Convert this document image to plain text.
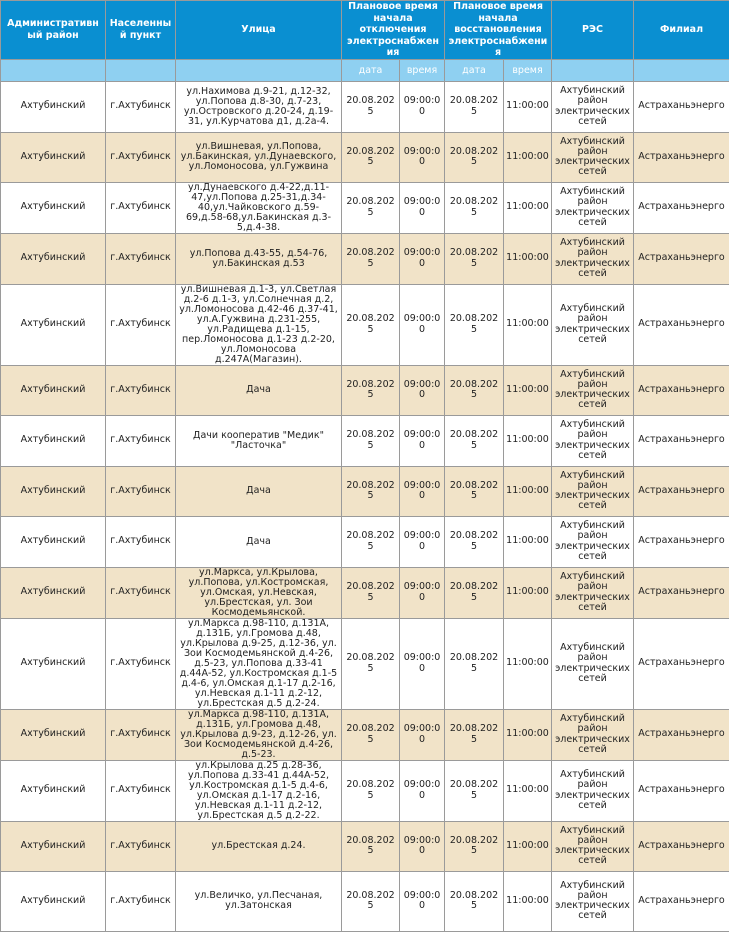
Административный район	Населенный пункт	Улица	Плановое время начала отключения электроснабжения		Плановое время начала восстановления электроснабжения		РЭС	Филиал
			дата	время	дата	время		
Ахтубинский	г.Ахтубинск	ул.Нахимова д.9-21, д.12-32, ул.Попова д.8-30, д.7-23, ул.Островского д.20-24, д.19-31, ул.Курчатова д1, д.2а-4.	20.08.2025	09:00:00	20.08.2025	11:00:00	Ахтубинский район электрических сетей	Астраханьэнерго
Ахтубинский	г.Ахтубинск	ул.Вишневая, ул.Попова, ул.Бакинская, ул.Дунаевского, ул.Ломоносова, ул.Гужвина	20.08.2025	09:00:00	20.08.2025	11:00:00	Ахтубинский район электрических сетей	Астраханьэнерго
Ахтубинский	г.Ахтубинск	ул.Дунаевского д.4-22,д.11-47,ул.Попова д.25-31,д.34-40,ул.Чайковского д.59-69,д.58-68,ул.Бакинская д.3-5,д.4-38.	20.08.2025	09:00:00	20.08.2025	11:00:00	Ахтубинский район электрических сетей	Астраханьэнерго
Ахтубинский	г.Ахтубинск	ул.Попова д.43-55, д.54-76, ул.Бакинская д.53	20.08.2025	09:00:00	20.08.2025	11:00:00	Ахтубинский район электрических сетей	Астраханьэнерго
Ахтубинский	г.Ахтубинск	ул.Вишневая д.1-3, ул.Светлая д.2-6 д.1-3, ул.Солнечная д.2, ул.Ломоносова д.42-46 д.37-41, ул.А.Гужвина д.231-255, ул.Радищева д.1-15, пер.Ломоносова д.1-23 д.2-20, ул.Ломоносова д.247А(Магазин).	20.08.2025	09:00:00	20.08.2025	11:00:00	Ахтубинский район электрических сетей	Астраханьэнерго
Ахтубинский	г.Ахтубинск	Дача	20.08.2025	09:00:00	20.08.2025	11:00:00	Ахтубинский район электрических сетей	Астраханьэнерго
Ахтубинский	г.Ахтубинск	Дачи кооператив "Медик" "Ласточка"	20.08.2025	09:00:00	20.08.2025	11:00:00	Ахтубинский район электрических сетей	Астраханьэнерго
Ахтубинский	г.Ахтубинск	Дача	20.08.2025	09:00:00	20.08.2025	11:00:00	Ахтубинский район электрических сетей	Астраханьэнерго
Ахтубинский	г.Ахтубинск	Дача	20.08.2025	09:00:00	20.08.2025	11:00:00	Ахтубинский район электрических сетей	Астраханьэнерго
Ахтубинский	г.Ахтубинск	ул.Маркса, ул.Крылова, ул.Попова, ул.Костромская, ул.Омская, ул.Невская, ул.Брестская, ул. Зои Космодемьянской.	20.08.2025	09:00:00	20.08.2025	11:00:00	Ахтубинский район электрических сетей	Астраханьэнерго
Ахтубинский	г.Ахтубинск	ул.Маркса д.98-110, д.131А, д.131Б, ул.Громова д.48, ул.Крылова д.9-25, д.12-36, ул. Зои Космодемьянской д.4-26, д.5-23, ул.Попова д.33-41 д.44А-52, ул.Костромская д.1-5 д.4-6, ул.Омская д.1-17 д.2-16, ул.Невская д.1-11 д.2-12, ул.Брестская д.5 д.2-24.	20.08.2025	09:00:00	20.08.2025	11:00:00	Ахтубинский район электрических сетей	Астраханьэнерго
Ахтубинский	г.Ахтубинск	ул.Маркса д.98-110, д.131А, д.131Б, ул.Громова д.48, ул.Крылова д.9-23, д.12-26, ул. Зои Космодемьянской д.4-26, д.5-23.	20.08.2025	09:00:00	20.08.2025	11:00:00	Ахтубинский район электрических сетей	Астраханьэнерго
Ахтубинский	г.Ахтубинск	ул.Крылова д.25 д.28-36, ул.Попова д.33-41 д.44А-52, ул.Костромская д.1-5 д.4-6, ул.Омская д.1-17 д.2-16, ул.Невская д.1-11 д.2-12, ул.Брестская д.5 д.2-22.	20.08.2025	09:00:00	20.08.2025	11:00:00	Ахтубинский район электрических сетей	Астраханьэнерго
Ахтубинский	г.Ахтубинск	ул.Брестская д.24.	20.08.2025	09:00:00	20.08.2025	11:00:00	Ахтубинский район электрических сетей	Астраханьэнерго
Ахтубинский	г.Ахтубинск	ул.Величко, ул.Песчаная, ул.Затонская	20.08.2025	09:00:00	20.08.2025	11:00:00	Ахтубинский район электрических сетей	Астраханьэнерго
